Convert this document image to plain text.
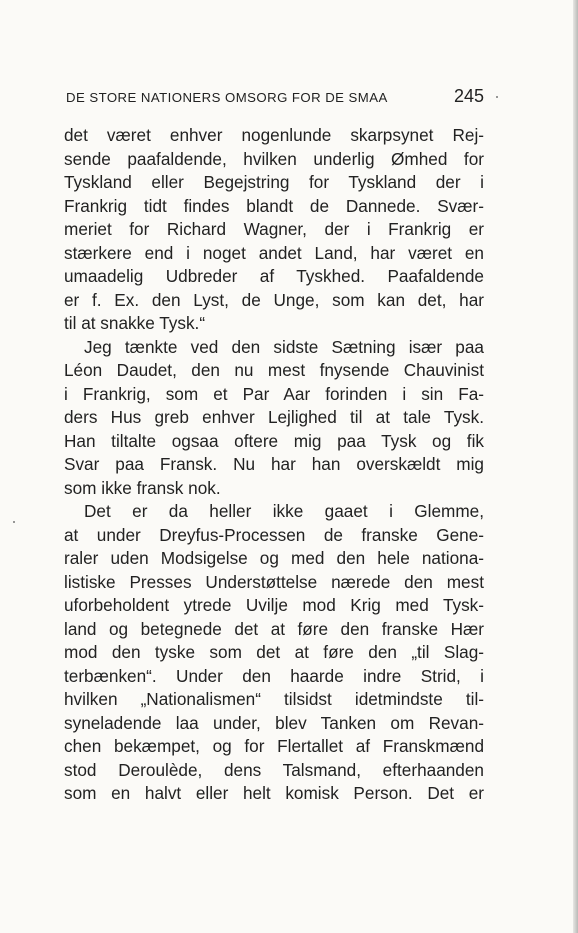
DE STORE NATIONERS OMSORG FOR DE SMAA	245
det været enhver nogenlunde skarpsynet Rej-
sende paafaldende, hvilken underlig Ømhed for
Tyskland eller Begejstring for Tyskland der i
Frankrig tidt findes blandt de Dannede. Svær-
meriet for Richard Wagner, der i Frankrig er
stærkere end i noget andet Land, har været en
umaadelig Udbreder af Tyskhed. Paafaldende
er f. Ex. den Lyst, de Unge, som kan det, har
til at snakke Tysk.“
Jeg tænkte ved den sidste Sætning især paa
Léon Daudet, den nu mest fnysende Chauvinist
i Frankrig, som et Par Aar forinden i sin Fa-
ders Hus greb enhver Lejlighed til at tale Tysk.
Han tiltalte ogsaa oftere mig paa Tysk og fik
Svar paa Fransk. Nu har han overskældt mig
som ikke fransk nok.
Det er da heller ikke gaaet i Glemme,
at under Dreyfus-Processen de franske Gene-
raler uden Modsigelse og med den hele nationa-
listiske Presses Understøttelse nærede den mest
uforbeholdent ytrede Uvilje mod Krig med Tysk-
land og betegnede det at føre den franske Hær
mod den tyske som det at føre den „til Slag-
terbænken“. Under den haarde indre Strid, i
hvilken „Nationalismen“ tilsidst idetmindste til-
syneladende laa under, blev Tanken om Revan-
chen bekæmpet, og for Flertallet af Franskmænd
stod Deroulède, dens Talsmand, efterhaanden
som en halvt eller helt komisk Person. Det er
